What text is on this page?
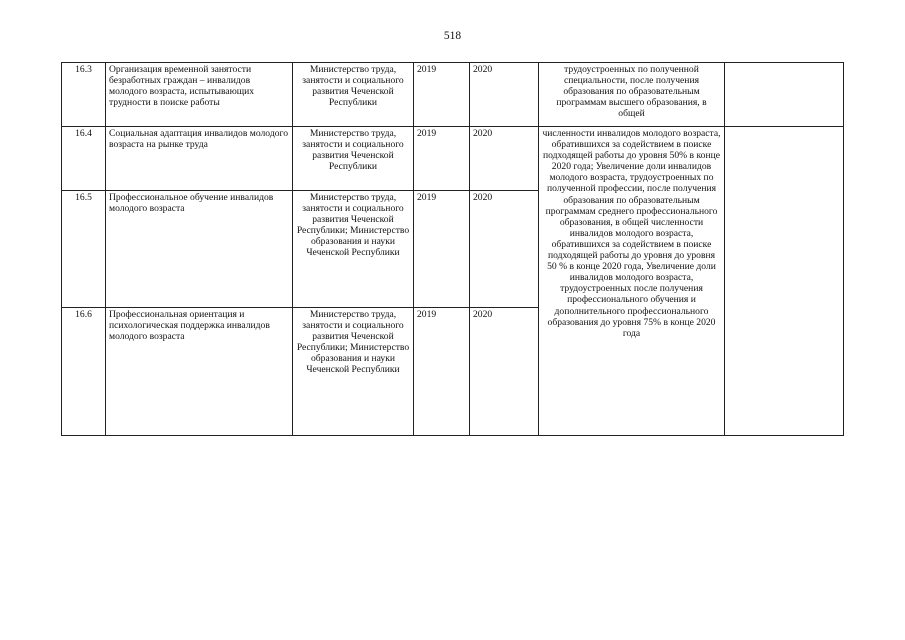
518
16.3	Организация временной занятости безработных граждан – инвалидов молодого возраста, испытывающих трудности в поиске работы	Министерство труда, занятости и социального развития Чеченской Республики	2019	2020	трудоустроенных по полученной специальности, после получения образования по образовательным программам высшего образования, в общей	
16.4	Социальная адаптация инвалидов молодого возраста на рынке труда	Министерство труда, занятости и социального развития Чеченской Республики	2019	2020	численности инвалидов молодого возраста, обратившихся за содействием в поиске подходящей работы до уровня 50% в конце 2020 года; Увеличение доли инвалидов молодого возраста, трудоустроенных по полученной профессии, после получения образования по образовательным программам среднего профессионального образования, в общей численности инвалидов молодого возраста, обратившихся за содействием в поиске подходящей работы до уровня до уровня 50 % в конце 2020 года, Увеличение доли инвалидов молодого возраста, трудоустроенных после получения профессионального обучения и дополнительного профессионального образования до уровня 75% в конце 2020 года	
16.5	Профессиональное обучение инвалидов молодого возраста	Министерство труда, занятости и социального развития Чеченской Республики; Министерство образования и науки Чеченской Республики	2019	2020		
16.6	Профессиональная ориентация и психологическая поддержка инвалидов молодого возраста	Министерство труда, занятости и социального развития Чеченской Республики; Министерство образования и науки Чеченской Республики	2019	2020		
